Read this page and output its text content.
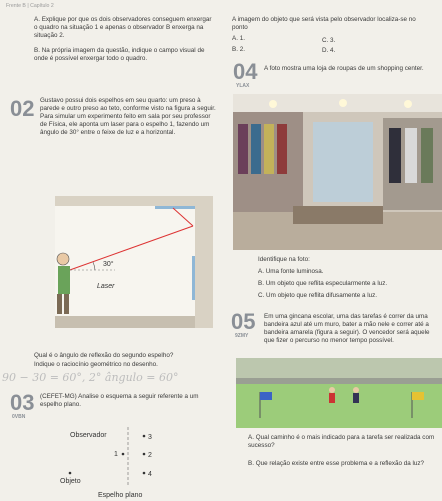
Frente B | Capítulo 2
A. Explique por que os dois observadores conseguem enxergar o quadro na situação 1 e apenas o observador B enxerga na situação 2.
B. Na própria imagem da questão, indique o campo visual de onde é possível enxergar todo o quadro.
02 Gustavo possui dois espelhos em seu quarto: um preso à parede e outro preso ao teto, conforme visto na figura a seguir. Para simular um experimento feito em sala por seu professor de Física, ele aponta um laser para o espelho 1, fazendo um ângulo de 30° entre o feixe de luz e a horizontal.
30°
Laser
Qual é o ângulo de reflexão do segundo espelho?
Indique o raciocínio geométrico no desenho.
90 − 30 = 60°, 2° ângulo = 60°
03
0VBN
(CEFET-MG) Analise o esquema a seguir referente a um espelho plano.
Observador	3
1	2
4
Objeto
Espelho plano
A imagem do objeto que será vista pelo observador localiza-se no ponto
A. 1.
B. 2.
C. 3.
D. 4.
04
YLAX
A foto mostra uma loja de roupas de um shopping center.
Identifique na foto:
A. Uma fonte luminosa.
B. Um objeto que reflita especularmente a luz.
C. Um objeto que reflita difusamente a luz.
05
9ZMY
Em uma gincana escolar, uma das tarefas é correr da uma bandeira azul até um muro, bater a mão nele e correr até a bandeira amarela (figura a seguir). O vencedor será aquele que fizer o percurso no menor tempo possível.
A. Qual caminho é o mais indicado para a tarefa ser realizada com sucesso?
B. Que relação existe entre esse problema e a reflexão da luz?
